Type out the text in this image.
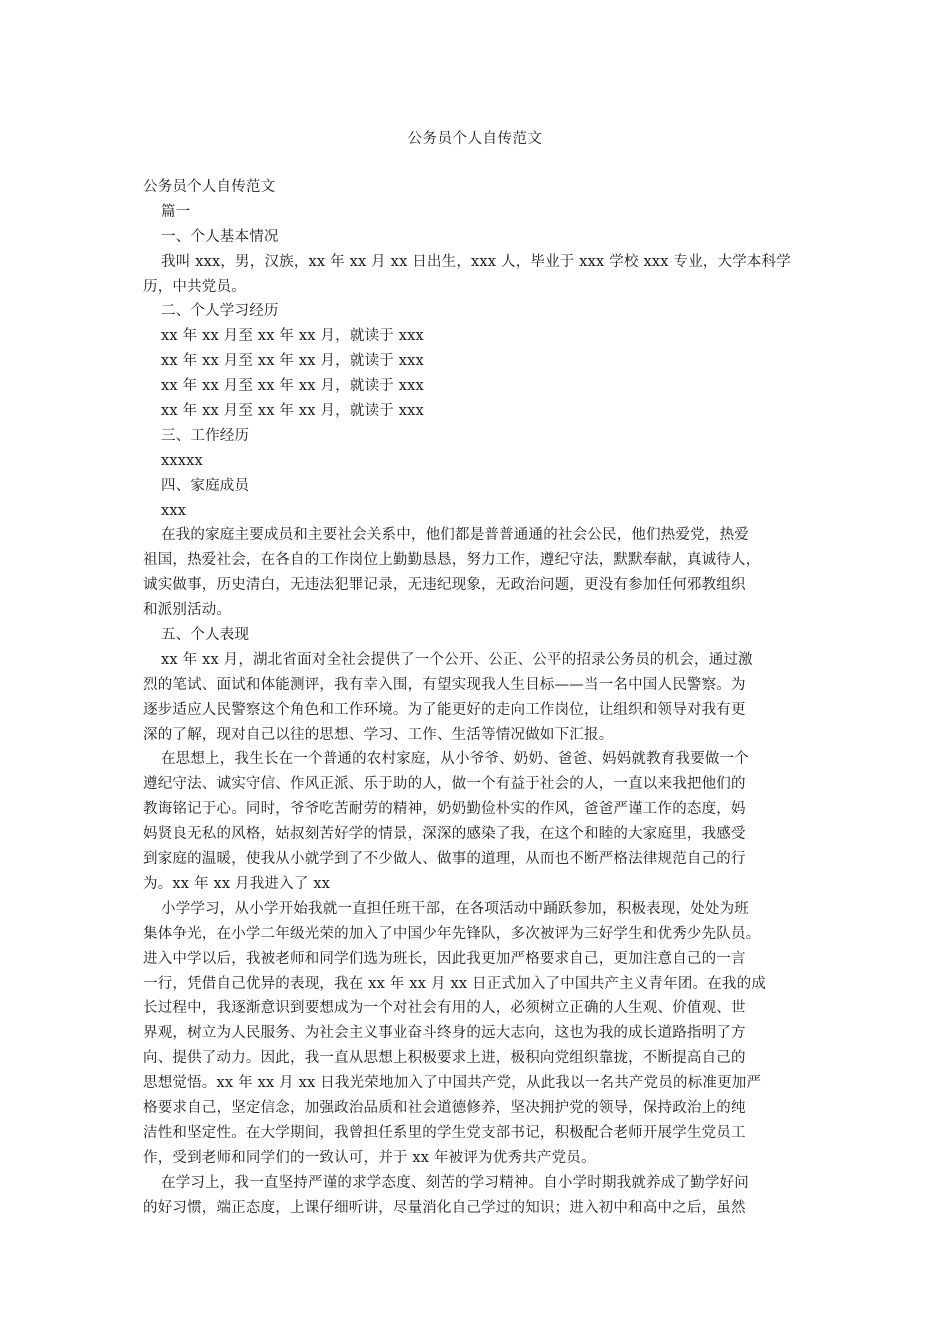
公务员个人自传范文

公务员个人自传范文

篇一

一、个人基本情况

我叫 xxx，男，汉族，xx 年 xx 月 xx 日出生，xxx 人，毕业于 xxx 学校 xxx 专业，大学本科学

历，中共党员。

二、个人学习经历

xx 年 xx 月至 xx 年 xx 月，就读于 xxx

xx 年 xx 月至 xx 年 xx 月，就读于 xxx

xx 年 xx 月至 xx 年 xx 月，就读于 xxx

xx 年 xx 月至 xx 年 xx 月，就读于 xxx

三、工作经历

xxxxx

四、家庭成员

xxx

在我的家庭主要成员和主要社会关系中，他们都是普普通通的社会公民，他们热爱党，热爱

祖国，热爱社会，在各自的工作岗位上勤勤恳恳，努力工作，遵纪守法，默默奉献，真诚待人，

诚实做事，历史清白，无违法犯罪记录，无违纪现象，无政治问题，更没有参加任何邪教组织

和派别活动。

五、个人表现

xx 年 xx 月，湖北省面对全社会提供了一个公开、公正、公平的招录公务员的机会，通过激

烈的笔试、面试和体能测评，我有幸入围，有望实现我人生目标——当一名中国人民警察。为

逐步适应人民警察这个角色和工作环境。为了能更好的走向工作岗位，让组织和领导对我有更

深的了解，现对自己以往的思想、学习、工作、生活等情况做如下汇报。

在思想上，我生长在一个普通的农村家庭，从小爷爷、奶奶、爸爸、妈妈就教育我要做一个

遵纪守法、诚实守信、作风正派、乐于助的人，做一个有益于社会的人，一直以来我把他们的

教诲铭记于心。同时，爷爷吃苦耐劳的精神，奶奶勤俭朴实的作风，爸爸严谨工作的态度，妈

妈贤良无私的风格，姑叔刻苦好学的情景，深深的感染了我，在这个和睦的大家庭里，我感受

到家庭的温暖，使我从小就学到了不少做人、做事的道理，从而也不断严格法律规范自己的行

为。xx 年 xx 月我进入了 xx

小学学习，从小学开始我就一直担任班干部，在各项活动中踊跃参加，积极表现，处处为班

集体争光，在小学二年级光荣的加入了中国少年先锋队，多次被评为三好学生和优秀少先队员。

进入中学以后，我被老师和同学们选为班长，因此我更加严格要求自己，更加注意自己的一言

一行，凭借自己优异的表现，我在 xx 年 xx 月 xx 日正式加入了中国共产主义青年团。在我的成

长过程中，我逐渐意识到要想成为一个对社会有用的人，必须树立正确的人生观、价值观、世

界观，树立为人民服务、为社会主义事业奋斗终身的远大志向，这也为我的成长道路指明了方

向、提供了动力。因此，我一直从思想上积极要求上进，极积向党组织靠拢，不断提高自己的

思想觉悟。xx 年 xx 月 xx 日我光荣地加入了中国共产党，从此我以一名共产党员的标准更加严

格要求自己，坚定信念，加强政治品质和社会道德修养，坚决拥护党的领导，保持政治上的纯

洁性和坚定性。在大学期间，我曾担任系里的学生党支部书记，积极配合老师开展学生党员工

作，受到老师和同学们的一致认可，并于 xx 年被评为优秀共产党员。

在学习上，我一直坚持严谨的求学态度、刻苦的学习精神。自小学时期我就养成了勤学好问

的好习惯，端正态度，上课仔细听讲，尽量消化自己学过的知识；进入初中和高中之后，虽然
